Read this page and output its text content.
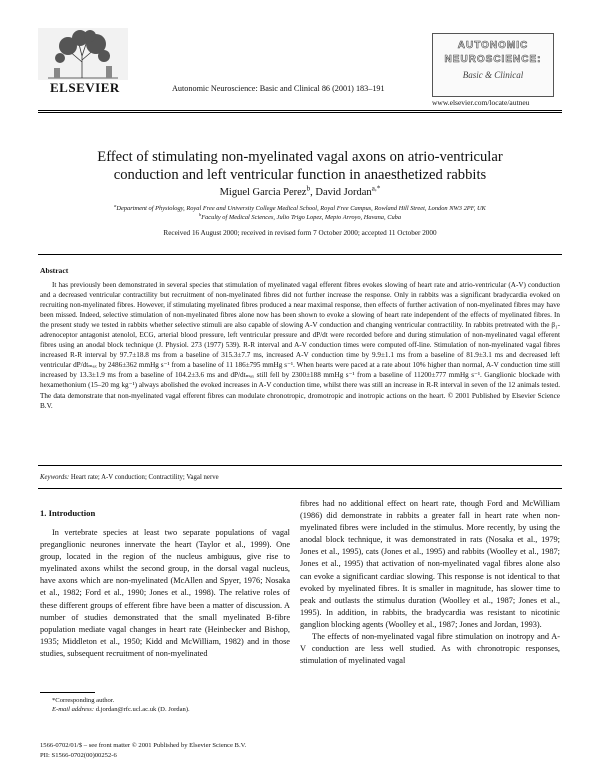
ELSEVIER	Autonomic Neuroscience: Basic and Clinical 86 (2001) 183–191
AUTONOMIC
NEUROSCIENCE:
Basic & Clinical
www.elsevier.com/locate/autneu
Effect of stimulating non-myelinated vagal axons on atrio-ventricular
conduction and left ventricular function in anaesthetized rabbits
Miguel Garcia Perez$^b$, David Jordan$^{a,*}$
$^a$Department of Physiology, Royal Free and University College Medical School, Royal Free Campus, Rowland Hill Street, London NW3 2PF, UK
$^b$Faculty of Medical Sciences, Julio Trigo Lopez, Mepio Arroyo, Havana, Cuba
Received 16 August 2000; received in revised form 7 October 2000; accepted 11 October 2000
Abstract
It has previously been demonstrated in several species that stimulation of myelinated vagal efferent fibres evokes slowing of heart rate and atrio-ventricular (A-V) conduction and a decreased ventricular contractility but recruitment of non-myelinated fibres did not further increase the response. Only in rabbits was a significant bradycardia evoked on recruiting non-myelinated fibres. However, if stimulating myelinated fibres produced a near maximal response, then effects of further activation of non-myelinated fibres may have been missed. Indeed, selective stimulation of non-myelinated fibres alone now has been shown to evoke a slowing of heart rate independent of the effects of myelinated fibres. In the present study we tested in rabbits whether selective stimuli are also capable of slowing A-V conduction and changing ventricular contractility. In rabbits pretreated with the β₁-adrenoceptor antagonist atenolol, ECG, arterial blood pressure, left ventricular pressure and dP/dt were recorded before and during stimulation of non-myelinated vagal efferent fibres using an anodal block technique (J. Physiol. 273 (1977) 539). R-R interval and A-V conduction times were computed off-line. Stimulation of non-myelinated vagal fibres increased R-R interval by 97.7±18.8 ms from a baseline of 315.3±7.7 ms, increased A-V conduction time by 9.9±1.1 ms from a baseline of 81.9±3.1 ms and decreased left ventricular dP/dtₘₐₓ by 2486±362 mmHg s⁻¹ from a baseline of 11 186±795 mmHg s⁻¹. When hearts were paced at a rate about 10% higher than normal, A-V conduction time still increased by 13.3±1.9 ms from a baseline of 104.2±3.6 ms and dP/dtₘₐₓ still fell by 2300±188 mmHg s⁻¹ from a baseline of 11200±777 mmHg s⁻¹. Ganglionic blockade with hexamethonium (15–20 mg kg⁻¹) always abolished the evoked increases in A-V conduction time, whilst there was still an increase in R-R interval in seven of the 12 animals tested. The data demonstrate that non-myelinated vagal efferent fibres can modulate chronotropic, dromotropic and inotropic actions on the heart. © 2001 Published by Elsevier Science B.V.
Keywords: Heart rate; A-V conduction; Contractility; Vagal nerve
1. Introduction
In vertebrate species at least two separate populations of vagal preganglionic neurones innervate the heart (Taylor et al., 1999). One group, located in the region of the nucleus ambiguus, give rise to myelinated axons whilst the second group, in the dorsal vagal nucleus, have axons which are non-myelinated (McAllen and Spyer, 1976; Nosaka et al., 1982; Ford et al., 1990; Jones et al., 1998). The relative roles of these different groups of efferent fibre have been a matter of discussion. A number of studies demonstrated that the small myelinated B-fibre population mediate vagal changes in heart rate (Heinbecker and Bishop, 1935; Middleton et al., 1950; Kidd and McWilliam, 1982) and in those studies, subsequent recruitment of non-myelinated

fibres had no additional effect on heart rate, though Ford and McWilliam (1986) did demonstrate in rabbits a greater fall in heart rate when non-myelinated fibres were included in the stimulus. More recently, by using the anodal block technique, it was demonstrated in rats (Nosaka et al., 1979; Jones et al., 1995), cats (Jones et al., 1995) and rabbits (Woolley et al., 1987; Jones et al., 1995) that activation of non-myelinated vagal fibres alone also can evoke a significant cardiac slowing. This response is not identical to that evoked by myelinated fibres. It is smaller in magnitude, has slower time to peak and outlasts the stimulus duration (Woolley et al., 1987; Jones et al., 1995). In addition, in rabbits, the bradycardia was resistant to nicotinic ganglion blocking agents (Woolley et al., 1987; Jones and Jordan, 1993).

The effects of non-myelinated vagal fibre stimulation on inotropy and A-V conduction are less well studied. As with chronotropic responses, stimulation of myelinated vagal

*Corresponding author.
E-mail address: d.jordan@rfc.ucl.ac.uk (D. Jordan).
1566-0702/01/$ – see front matter © 2001 Published by Elsevier Science B.V.
PII: S1566-0702(00)00252-6
